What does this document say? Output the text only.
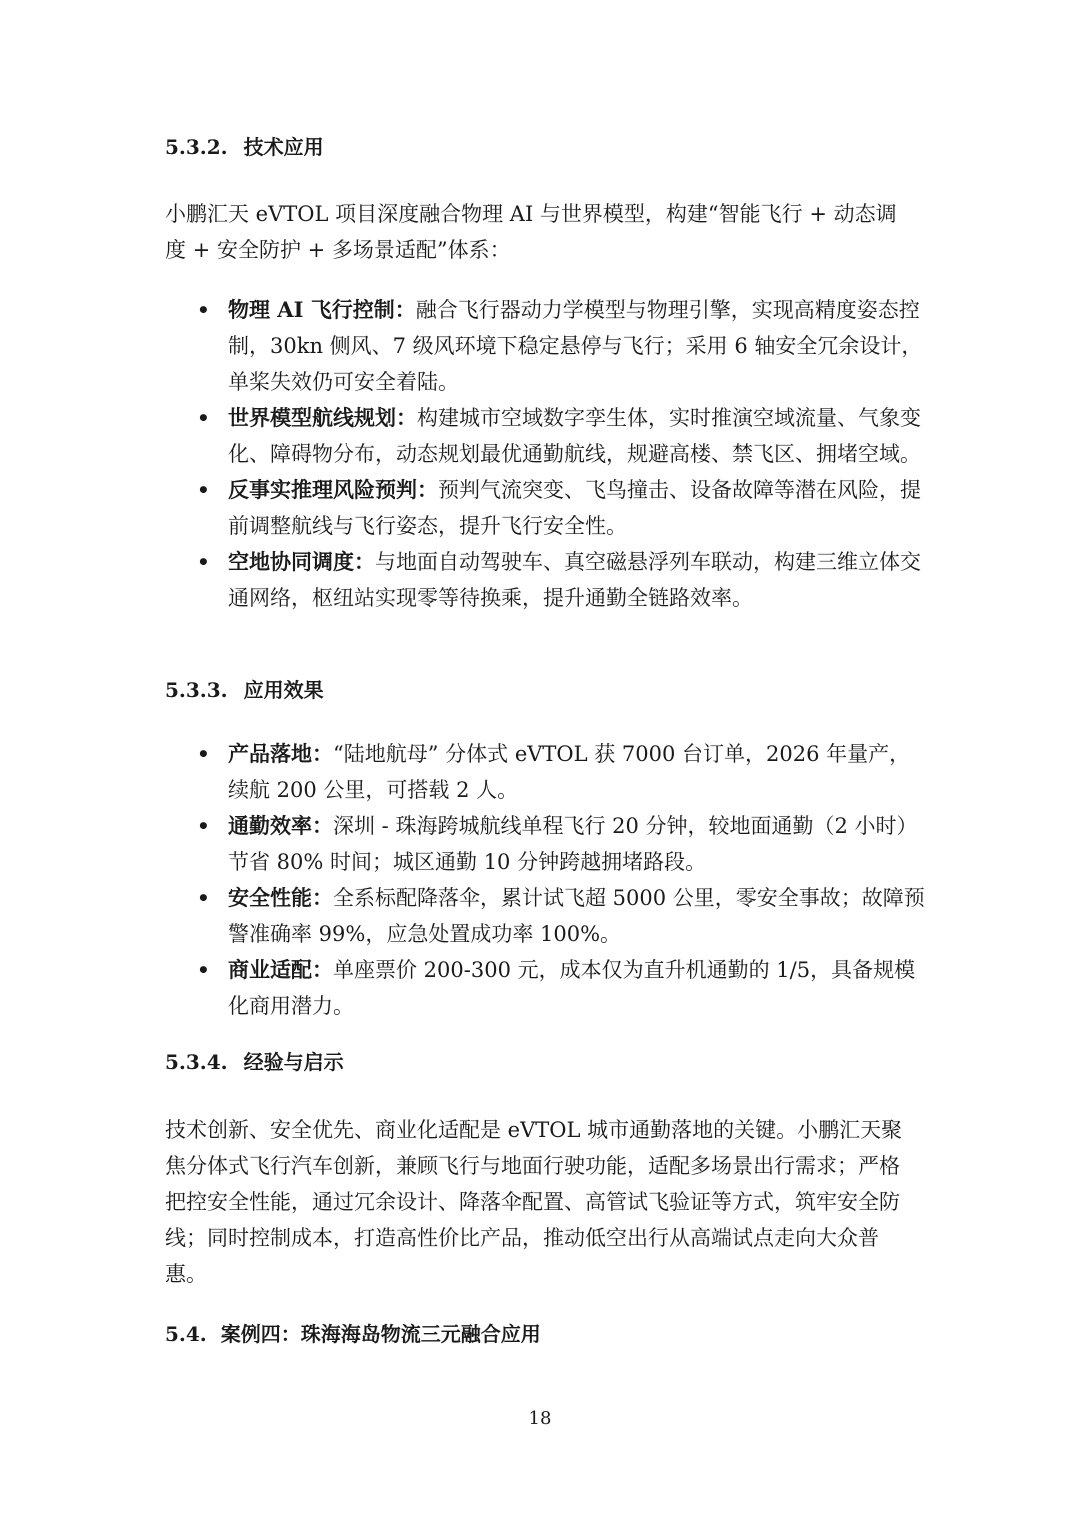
5.3.2. 技术应用
小鹏汇天 eVTOL 项目深度融合物理 AI 与世界模型，构建“智能飞行 + 动态调度 + 安全防护 + 多场景适配”体系：
• 物理 AI 飞行控制：融合飞行器动力学模型与物理引擎，实现高精度姿态控制，30kn 侧风、7 级风环境下稳定悬停与飞行；采用 6 轴安全冗余设计，单桨失效仍可安全着陆。
• 世界模型航线规划：构建城市空域数字孪生体，实时推演空域流量、气象变化、障碍物分布，动态规划最优通勤航线，规避高楼、禁飞区、拥堵空域。
• 反事实推理风险预判：预判气流突变、飞鸟撞击、设备故障等潜在风险，提前调整航线与飞行姿态，提升飞行安全性。
• 空地协同调度：与地面自动驾驶车、真空磁悬浮列车联动，构建三维立体交通网络，枢纽站实现零等待换乘，提升通勤全链路效率。
5.3.3. 应用效果
• 产品落地：“陆地航母” 分体式 eVTOL 获 7000 台订单，2026 年量产，续航 200 公里，可搭载 2 人。
• 通勤效率：深圳 - 珠海跨城航线单程飞行 20 分钟，较地面通勤（2 小时）节省 80% 时间；城区通勤 10 分钟跨越拥堵路段。
• 安全性能：全系标配降落伞，累计试飞超 5000 公里，零安全事故；故障预警准确率 99%，应急处置成功率 100%。
• 商业适配：单座票价 200-300 元，成本仅为直升机通勤的 1/5，具备规模化商用潜力。
5.3.4. 经验与启示
技术创新、安全优先、商业化适配是 eVTOL 城市通勤落地的关键。小鹏汇天聚焦分体式飞行汽车创新，兼顾飞行与地面行驶功能，适配多场景出行需求；严格把控安全性能，通过冗余设计、降落伞配置、高管试飞验证等方式，筑牢安全防线；同时控制成本，打造高性价比产品，推动低空出行从高端试点走向大众普惠。
5.4. 案例四：珠海海岛物流三元融合应用
18
